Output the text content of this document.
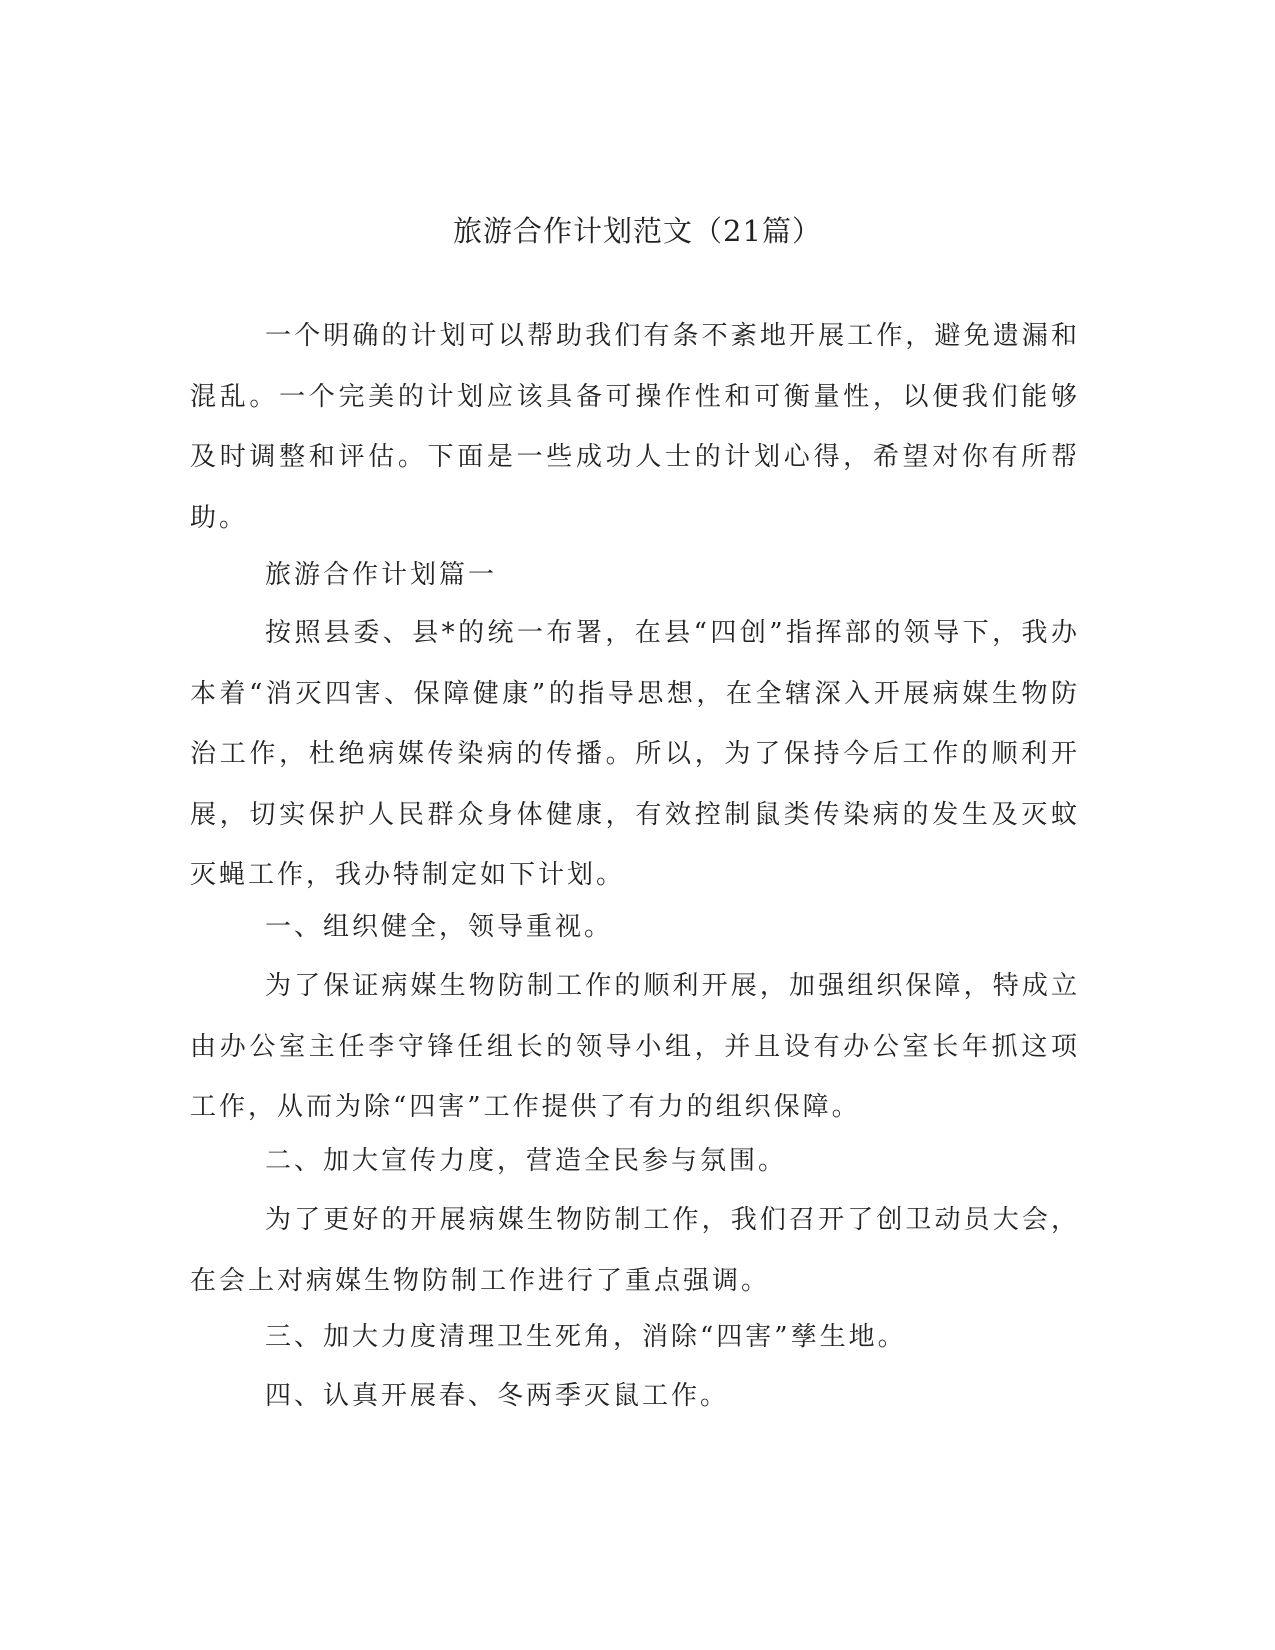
旅游合作计划范文（21篇）

一个明确的计划可以帮助我们有条不紊地开展工作，避免遗漏和混乱。一个完美的计划应该具备可操作性和可衡量性，以便我们能够及时调整和评估。下面是一些成功人士的计划心得，希望对你有所帮助。

旅游合作计划篇一

按照县委、县*的统一布署，在县“四创”指挥部的领导下，我办本着“消灭四害、保障健康”的指导思想，在全辖深入开展病媒生物防治工作，杜绝病媒传染病的传播。所以，为了保持今后工作的顺利开展，切实保护人民群众身体健康，有效控制鼠类传染病的发生及灭蚊灭蝇工作，我办特制定如下计划。

一、组织健全，领导重视。

为了保证病媒生物防制工作的顺利开展，加强组织保障，特成立由办公室主任李守锋任组长的领导小组，并且设有办公室长年抓这项工作，从而为除“四害”工作提供了有力的组织保障。

二、加大宣传力度，营造全民参与氛围。

为了更好的开展病媒生物防制工作，我们召开了创卫动员大会，在会上对病媒生物防制工作进行了重点强调。

三、加大力度清理卫生死角，消除“四害”孳生地。

四、认真开展春、冬两季灭鼠工作。
